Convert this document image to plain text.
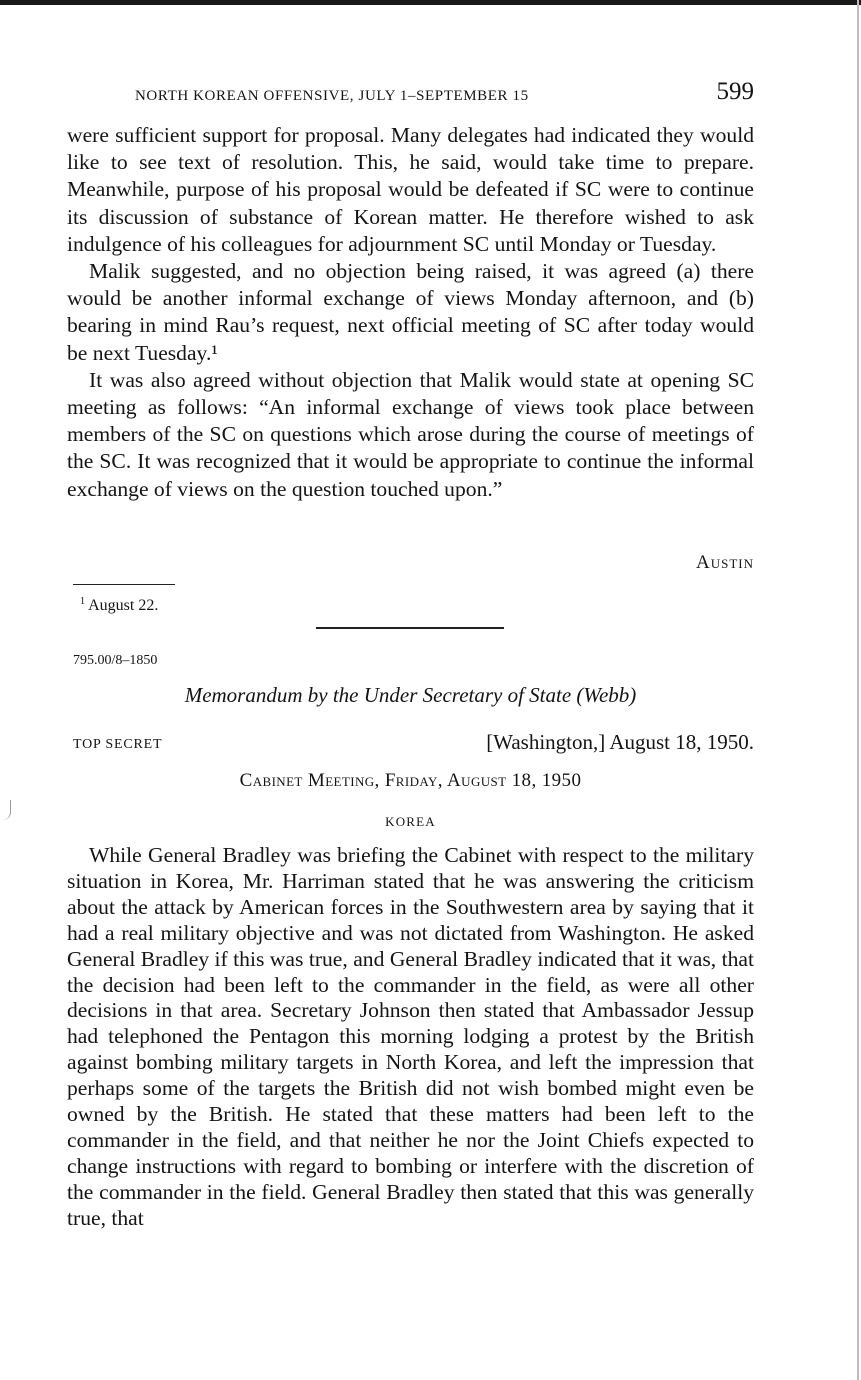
NORTH KOREAN OFFENSIVE, JULY 1–SEPTEMBER 15	599

were sufficient support for proposal. Many delegates had indicated they would like to see text of resolution. This, he said, would take time to prepare. Meanwhile, purpose of his proposal would be defeated if SC were to continue its discussion of substance of Korean matter. He therefore wished to ask indulgence of his colleagues for adjournment SC until Monday or Tuesday.

Malik suggested, and no objection being raised, it was agreed (a) there would be another informal exchange of views Monday afternoon, and (b) bearing in mind Rau’s request, next official meeting of SC after today would be next Tuesday.¹

It was also agreed without objection that Malik would state at opening SC meeting as follows: “An informal exchange of views took place between members of the SC on questions which arose during the course of meetings of the SC. It was recognized that it would be appropriate to continue the informal exchange of views on the question touched upon.”

Austin
$^1$ August 22.
795.00/8–1850
Memorandum by the Under Secretary of State (Webb)
TOP SECRET	[Washington,] August 18, 1950.
Cabinet Meeting, Friday, August 18, 1950
KOREA

While General Bradley was briefing the Cabinet with respect to the military situation in Korea, Mr. Harriman stated that he was answering the criticism about the attack by American forces in the Southwestern area by saying that it had a real military objective and was not dictated from Washington. He asked General Bradley if this was true, and General Bradley indicated that it was, that the decision had been left to the commander in the field, as were all other decisions in that area. Secretary Johnson then stated that Ambassador Jessup had telephoned the Pentagon this morning lodging a protest by the British against bombing military targets in North Korea, and left the impression that perhaps some of the targets the British did not wish bombed might even be owned by the British. He stated that these matters had been left to the commander in the field, and that neither he nor the Joint Chiefs expected to change instructions with regard to bombing or interfere with the discretion of the commander in the field. General Bradley then stated that this was generally true, that
